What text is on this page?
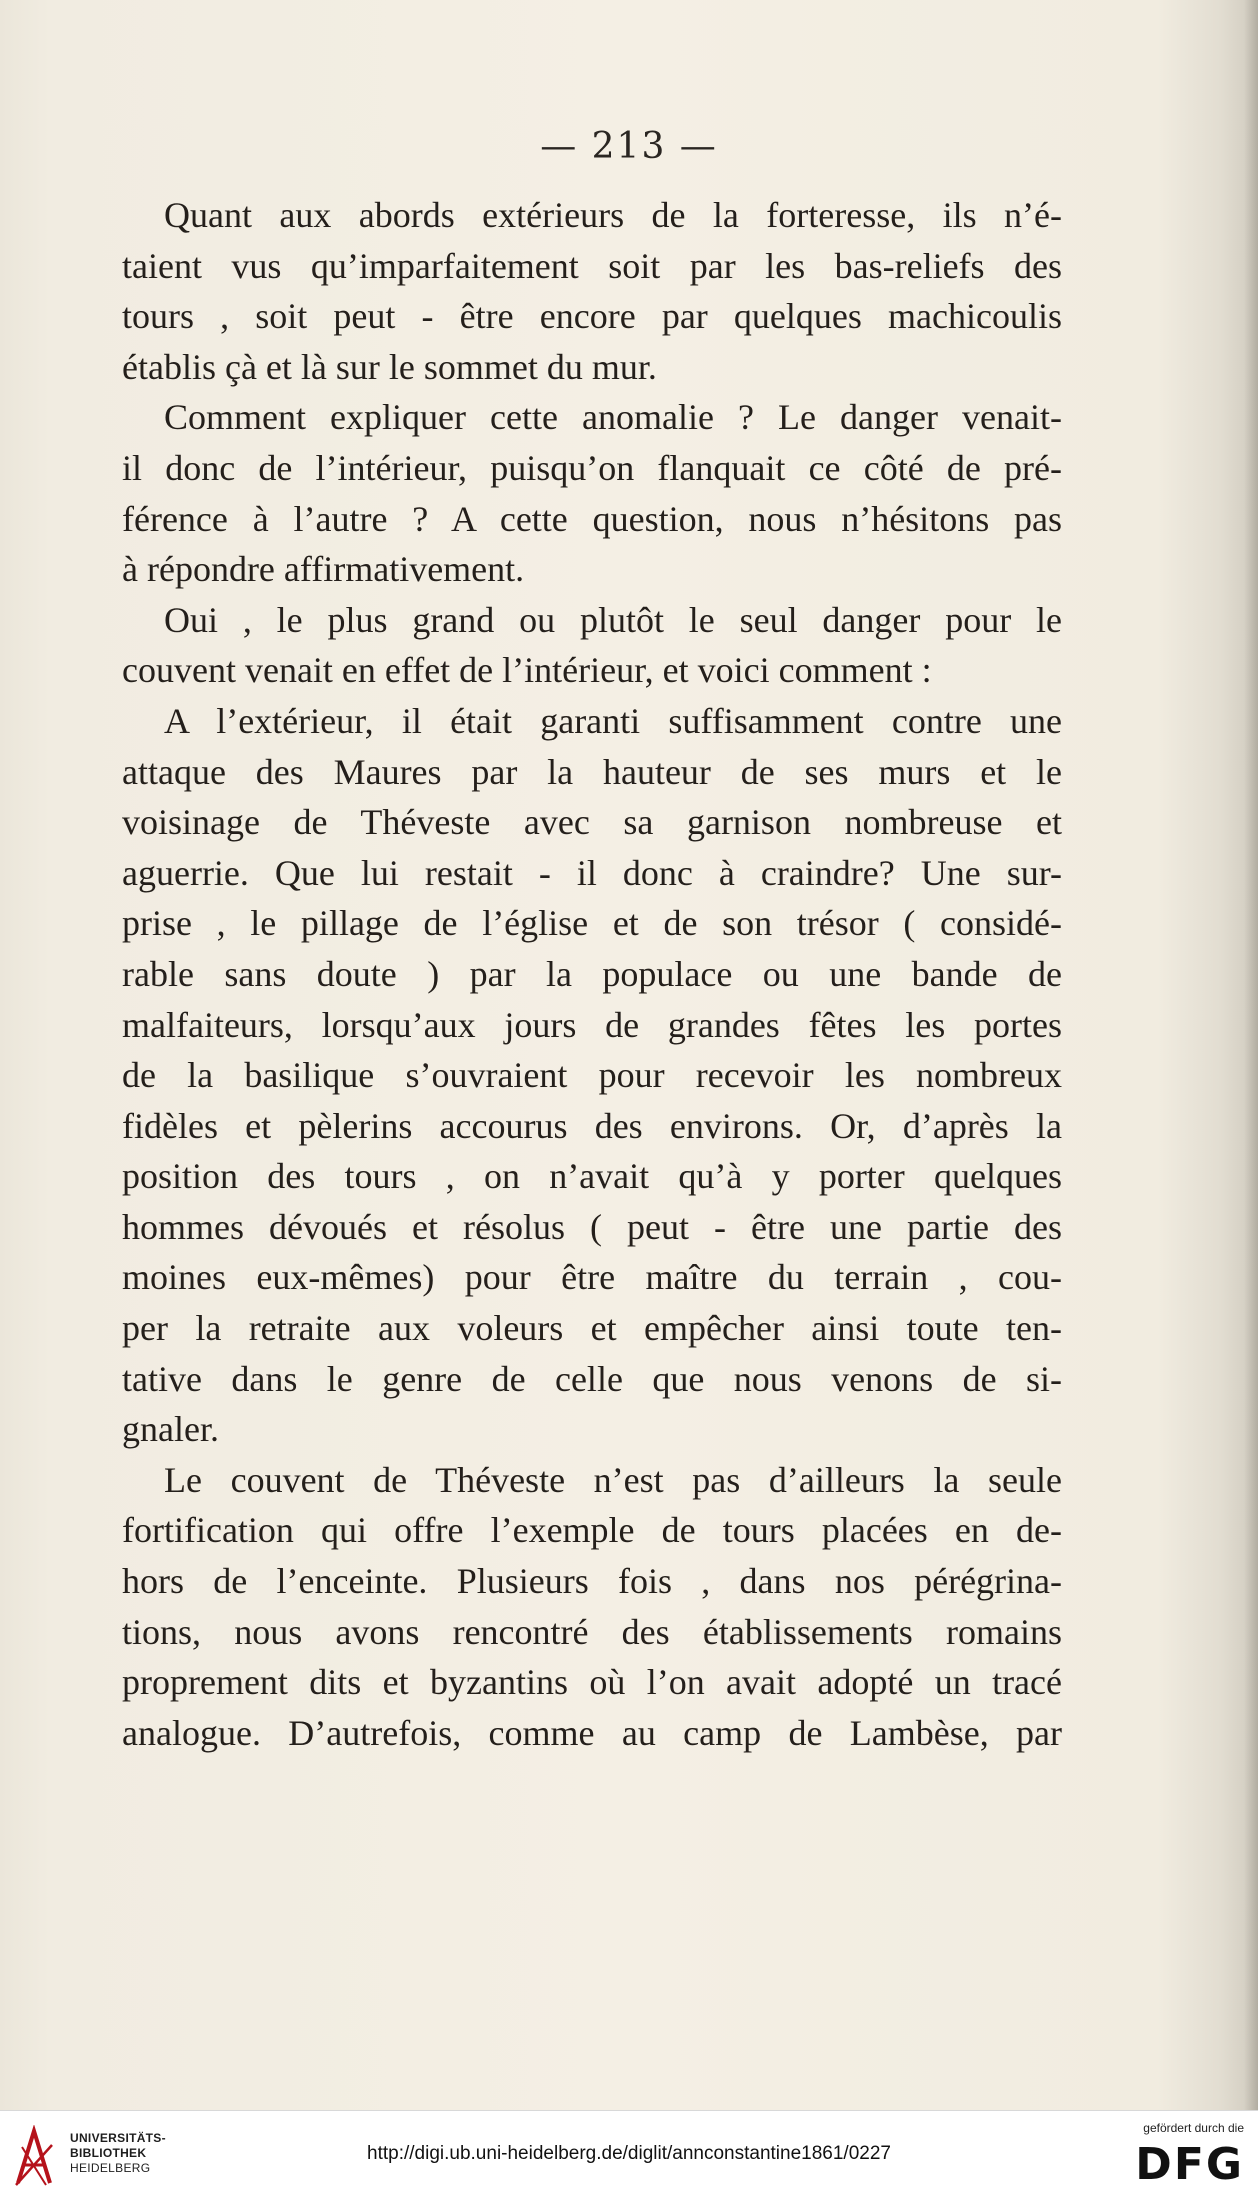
— 213 —
Quant aux abords extérieurs de la forteresse, ils n’é-
taient vus qu’imparfaitement soit par les bas-reliefs des
tours , soit peut - être encore par quelques machicoulis
établis çà et là sur le sommet du mur.
Comment expliquer cette anomalie ? Le danger venait-
il donc de l’intérieur, puisqu’on flanquait ce côté de pré-
férence à l’autre ? A cette question, nous n’hésitons pas
à répondre affirmativement.
Oui , le plus grand ou plutôt le seul danger pour le
couvent venait en effet de l’intérieur, et voici comment :
A l’extérieur, il était garanti suffisamment contre une
attaque des Maures par la hauteur de ses murs et le
voisinage de Théveste avec sa garnison nombreuse et
aguerrie. Que lui restait - il donc à craindre? Une sur-
prise , le pillage de l’église et de son trésor ( considé-
rable sans doute ) par la populace ou une bande de
malfaiteurs, lorsqu’aux jours de grandes fêtes les portes
de la basilique s’ouvraient pour recevoir les nombreux
fidèles et pèlerins accourus des environs. Or, d’après la
position des tours , on n’avait qu’à y porter quelques
hommes dévoués et résolus ( peut - être une partie des
moines eux-mêmes) pour être maître du terrain , cou-
per la retraite aux voleurs et empêcher ainsi toute ten-
tative dans le genre de celle que nous venons de si-
gnaler.
Le couvent de Théveste n’est pas d’ailleurs la seule
fortification qui offre l’exemple de tours placées en de-
hors de l’enceinte. Plusieurs fois , dans nos pérégrina-
tions, nous avons rencontré des établissements romains
proprement dits et byzantins où l’on avait adopté un tracé
analogue. D’autrefois, comme au camp de Lambèse, par
UNIVERSITÄTS-
BIBLIOTHEK
HEIDELBERG
http://digi.ub.uni-heidelberg.de/diglit/annconstantine1861/0227
gefördert durch die
DFG
